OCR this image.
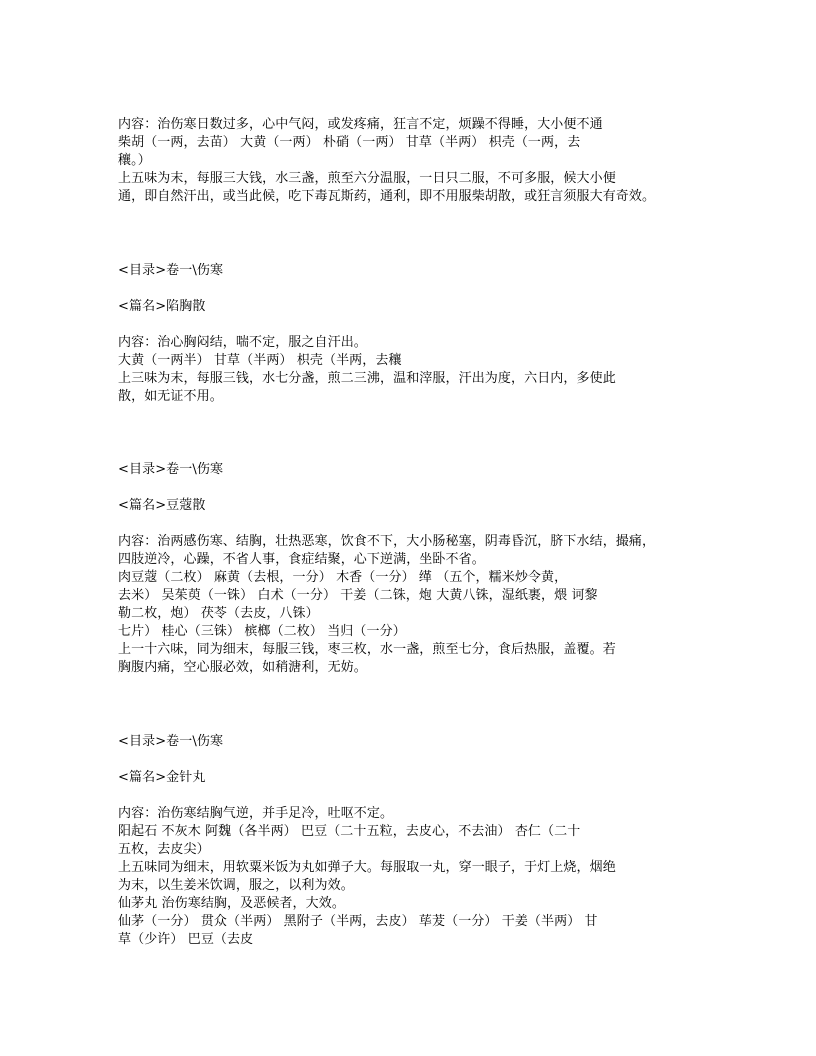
内容：治伤寒日数过多，心中气闷，或发疼痛，狂言不定，烦躁不得睡，大小便不通
柴胡（一两，去苗） 大黄（一两） 朴硝（一两） 甘草（半两） 枳壳（一两，去
穰。）
上五味为末，每服三大钱，水三盏，煎至六分温服，一日只二服，不可多服，候大小便
通，即自然汗出，或当此候，吃下毒瓦斯药，通利，即不用服柴胡散，或狂言须服大有奇效。
<目录>卷一\伤寒
<篇名>陷胸散
内容：治心胸闷结，喘不定，服之自汗出。
大黄（一两半） 甘草（半两） 枳壳（半两，去穰
上三味为末，每服三钱，水七分盏，煎二三沸，温和滓服，汗出为度，六日内，多使此
散，如无证不用。
<目录>卷一\伤寒
<篇名>豆蔻散
内容：治两感伤寒、结胸，壮热恶寒，饮食不下，大小肠秘塞，阴毒昏沉，脐下水结，撮痛，
四肢逆冷，心躁，不省人事，食症结聚，心下逆满，坐卧不省。
肉豆蔻（二枚） 麻黄（去根，一分） 木香（一分） 缂 （五个，糯米炒令黄，
去米） 吴茱萸（一铢） 白术（一分） 干姜（二铢，炮 大黄八铢，湿纸裹，煨 诃黎
勒二枚，炮） 茯苓（去皮，八铢）
七片） 桂心（三铢） 槟榔（二枚） 当归（一分）
上一十六味，同为细末，每服三钱，枣三枚，水一盏，煎至七分，食后热服，盖覆。若
胸腹内痛，空心服必效，如稍溏利，无妨。
<目录>卷一\伤寒
<篇名>金针丸
内容：治伤寒结胸气逆，并手足冷，吐呕不定。
阳起石 不灰木 阿魏（各半两） 巴豆（二十五粒，去皮心，不去油） 杏仁（二十
五枚，去皮尖）
上五味同为细末，用软粟米饭为丸如弹子大。每服取一丸，穿一眼子，于灯上烧，烟绝
为末，以生姜米饮调，服之，以利为效。
仙茅丸 治伤寒结胸，及恶候者，大效。
仙茅（一分） 贯众（半两） 黑附子（半两，去皮） 荜茇（一分） 干姜（半两） 甘
草（少许） 巴豆（去皮
